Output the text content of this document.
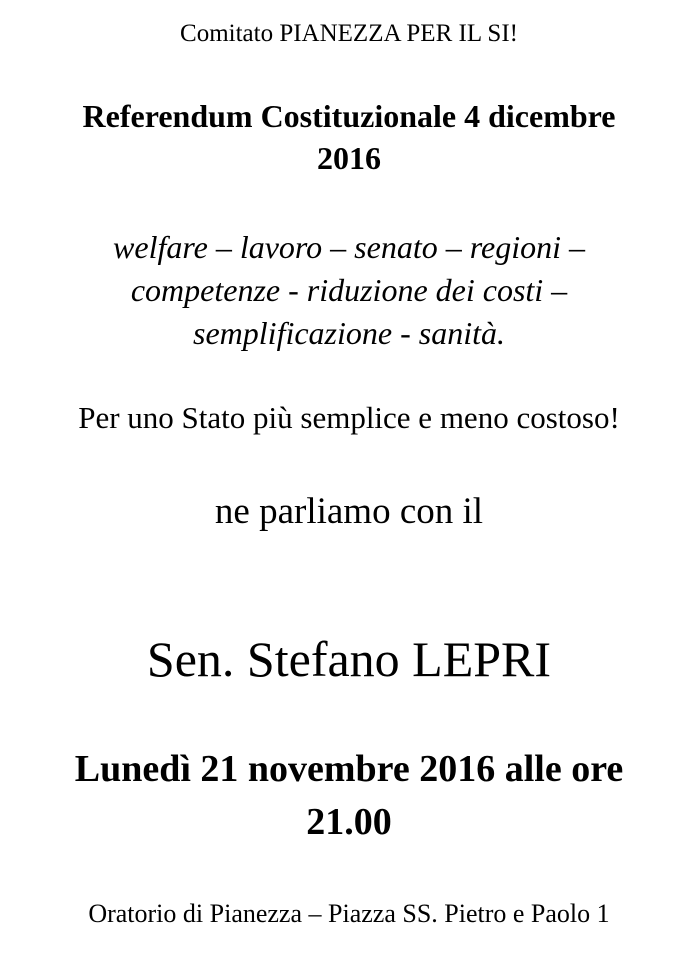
Comitato PIANEZZA PER IL SI!
Referendum Costituzionale 4 dicembre
2016
welfare – lavoro – senato – regioni –
competenze - riduzione dei costi –
semplificazione - sanità.
Per uno Stato più semplice e meno costoso!
ne parliamo con il
Sen. Stefano LEPRI
Lunedì 21 novembre 2016 alle ore
21.00
Oratorio di Pianezza – Piazza SS. Pietro e Paolo 1
